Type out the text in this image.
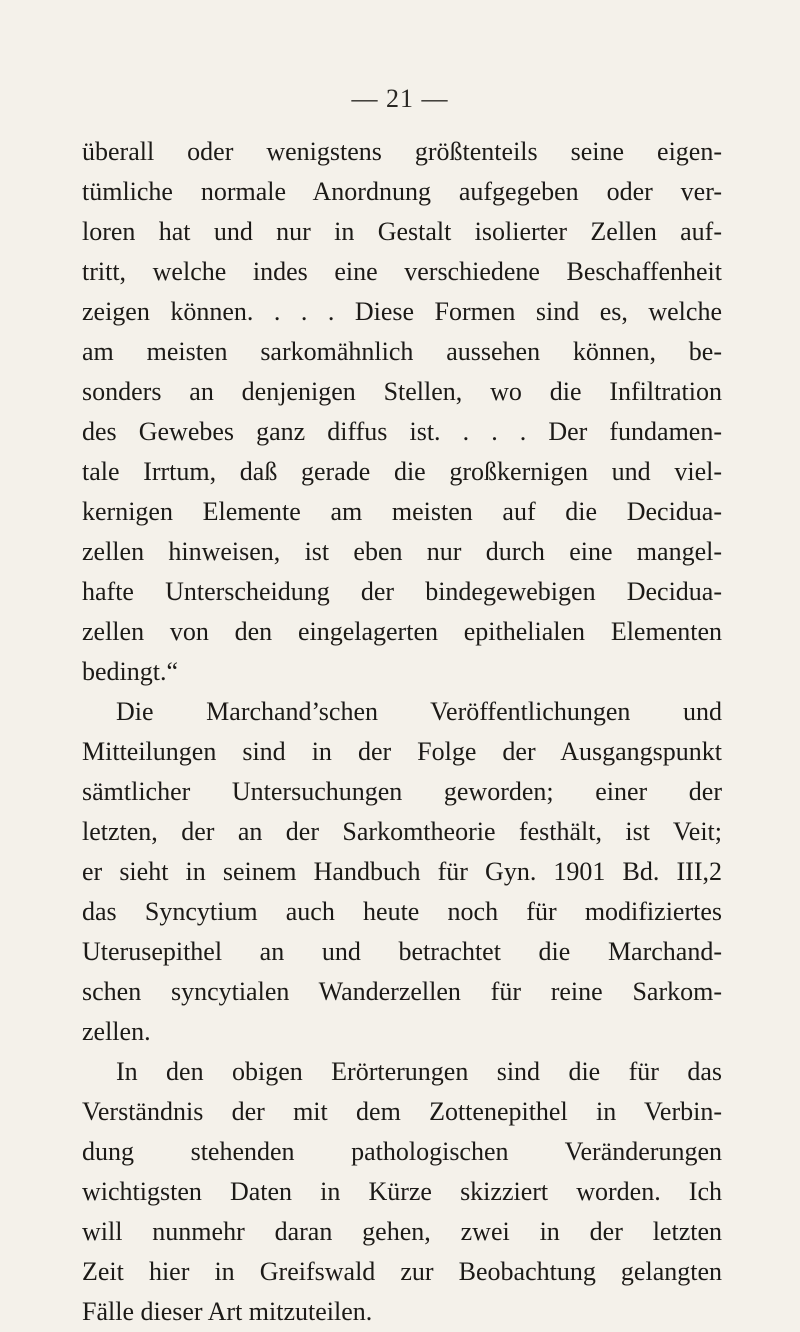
— 21 —
überall oder wenigstens größtenteils seine eigen-
tümliche normale Anordnung aufgegeben oder ver-
loren hat und nur in Gestalt isolierter Zellen auf-
tritt, welche indes eine verschiedene Beschaffenheit
zeigen können. . . . Diese Formen sind es, welche
am meisten sarkomähnlich aussehen können, be-
sonders an denjenigen Stellen, wo die Infiltration
des Gewebes ganz diffus ist. . . . Der fundamen-
tale Irrtum, daß gerade die großkernigen und viel-
kernigen Elemente am meisten auf die Decidua-
zellen hinweisen, ist eben nur durch eine mangel-
hafte Unterscheidung der bindegewebigen Decidua-
zellen von den eingelagerten epithelialen Elementen
bedingt.“
Die Marchand’schen Veröffentlichungen und
Mitteilungen sind in der Folge der Ausgangspunkt
sämtlicher Untersuchungen geworden; einer der
letzten, der an der Sarkomtheorie festhält, ist Veit;
er sieht in seinem Handbuch für Gyn. 1901 Bd. III,2
das Syncytium auch heute noch für modifiziertes
Uterusepithel an und betrachtet die Marchand-
schen syncytialen Wanderzellen für reine Sarkom-
zellen.
In den obigen Erörterungen sind die für das
Verständnis der mit dem Zottenepithel in Verbin-
dung stehenden pathologischen Veränderungen
wichtigsten Daten in Kürze skizziert worden. Ich
will nunmehr daran gehen, zwei in der letzten
Zeit hier in Greifswald zur Beobachtung gelangten
Fälle dieser Art mitzuteilen.
